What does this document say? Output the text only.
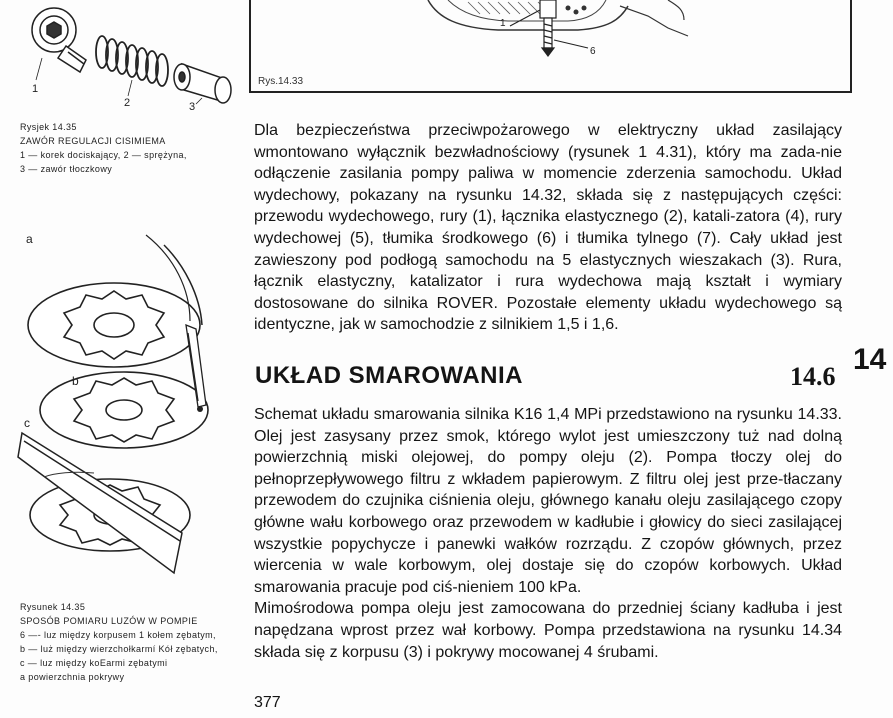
1
6
Rys.14.33
1
2	3
Rysjek 14.35
ZAWÓR REGULACJI CISIMIEMA
1 — korek dociskający, 2 — sprężyna,
3 — zawór tłoczkowy
a
b
c
Rysunek 14.35
SPOSÓB POMIARU LUZÓW W POMPIE
6 —- luz między korpusem 1 kołem zębatym,
b — luż między wierzchołkarmí Kół zębatych,
c — luz między koEarmi zębatymi
a powierzchnia pokrywy

Dla bezpieczeństwa przeciwpożarowego w elektryczny układ zasilający wmontowano wyłącznik bezwładnościowy (rysunek 1 4.31), który ma zada-nie odłączenie zasilania pompy paliwa w momencie zderzenia samochodu. Układ wydechowy, pokazany na rysunku 14.32, składa się z następujących części: przewodu wydechowego, rury (1), łącznika elastycznego (2), katali-zatora (4), rury wydechowej (5), tłumika środkowego (6) i tłumika tylnego (7). Cały układ jest zawieszony pod podłogą samochodu na 5 elastycznych wieszakach (3). Rura, łącznik elastyczny, katalizator i rura wydechowa mają kształt i wymiary dostosowane do silnika ROVER. Pozostałe elementy układu wydechowego są identyczne, jak w samochodzie z silnikiem 1,5 i 1,6.

UKŁAD SMAROWANIA	14.6
14

Schemat układu smarowania silnika K16 1,4 MPi przedstawiono na rysunku 14.33. Olej jest zasysany przez smok, którego wylot jest umieszczony tuż nad dolną powierzchnią miski olejowej, do pompy oleju (2). Pompa tłoczy olej do pełnoprzepływowego filtru z wkładem papierowym. Z filtru olej jest prze-tłaczany przewodem do czujnika ciśnienia oleju, głównego kanału oleju zasilającego czopy główne wału korbowego oraz przewodem w kadłubie i głowicy do sieci zasilającej wszystkie popychycze i panewki wałków rozrządu. Z czopów głównych, przez wiercenia w wale korbowym, olej dostaje się do czopów korbowych. Układ smarowania pracuje pod ciś-nieniem 100 kPa.

Mimośrodowa pompa oleju jest zamocowana do przedniej ściany kadłuba i jest napędzana wprost przez wał korbowy. Pompa przedstawiona na rysunku 14.34 składa się z korpusu (3) i pokrywy mocowanej 4 śrubami.

377
